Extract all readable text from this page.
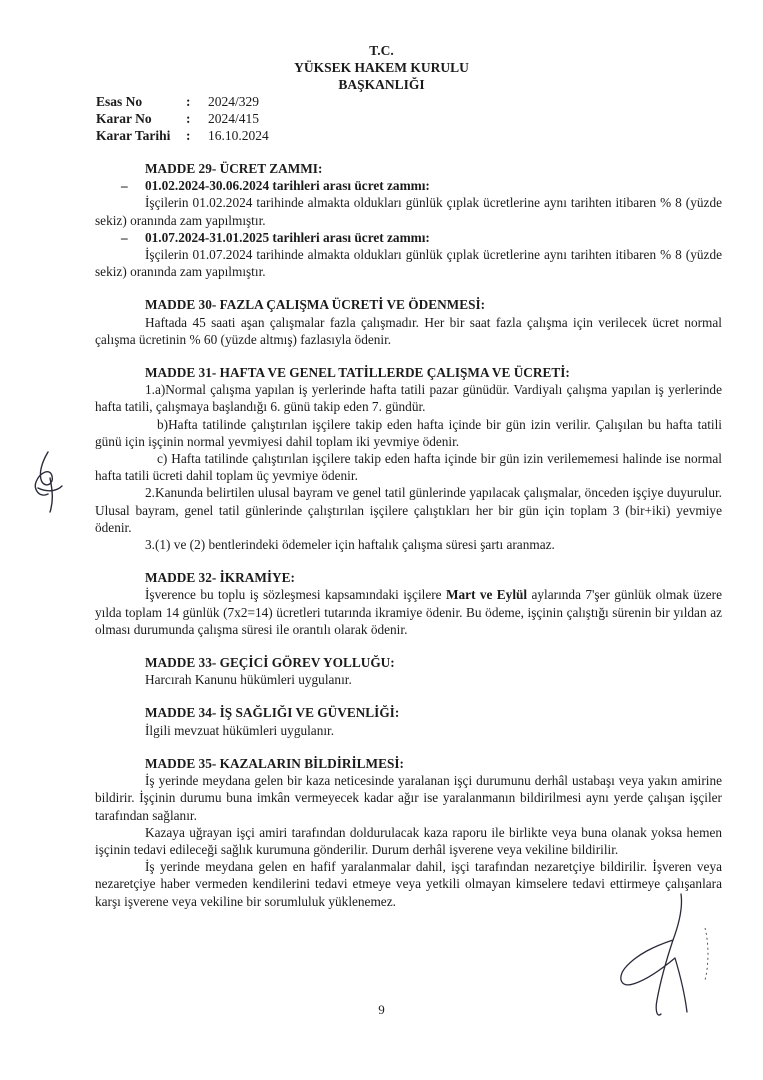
T.C.
YÜKSEK HAKEM KURULU
BAŞKANLIĞI
Esas No	:	2024/329
Karar No	:	2024/415
Karar Tarihi	:	16.10.2024
MADDE 29- ÜCRET ZAMMI:
–	01.02.2024-30.06.2024 tarihleri arası ücret zammı:

İşçilerin 01.02.2024 tarihinde almakta oldukları günlük çıplak ücretlerine aynı tarihten itibaren % 8 (yüzde sekiz) oranında zam yapılmıştır.

–	01.07.2024-31.01.2025 tarihleri arası ücret zammı:

İşçilerin 01.07.2024 tarihinde almakta oldukları günlük çıplak ücretlerine aynı tarihten itibaren % 8 (yüzde sekiz) oranında zam yapılmıştır.

MADDE 30- FAZLA ÇALIŞMA ÜCRETİ VE ÖDENMESİ:

Haftada 45 saati aşan çalışmalar fazla çalışmadır. Her bir saat fazla çalışma için verilecek ücret normal çalışma ücretinin % 60 (yüzde altmış) fazlasıyla ödenir.

MADDE 31- HAFTA VE GENEL TATİLLERDE ÇALIŞMA VE ÜCRETİ:

1.a)Normal çalışma yapılan iş yerlerinde hafta tatili pazar günüdür. Vardiyalı çalışma yapılan iş yerlerinde hafta tatili, çalışmaya başlandığı 6. günü takip eden 7. gündür.

b)Hafta tatilinde çalıştırılan işçilere takip eden hafta içinde bir gün izin verilir. Çalışılan bu hafta tatili günü için işçinin normal yevmiyesi dahil toplam iki yevmiye ödenir.

c) Hafta tatilinde çalıştırılan işçilere takip eden hafta içinde bir gün izin verilememesi halinde ise normal hafta tatili ücreti dahil toplam üç yevmiye ödenir.

2.Kanunda belirtilen ulusal bayram ve genel tatil günlerinde yapılacak çalışmalar, önceden işçiye duyurulur. Ulusal bayram, genel tatil günlerinde çalıştırılan işçilere çalıştıkları her bir gün için toplam 3 (bir+iki) yevmiye ödenir.

3.(1) ve (2) bentlerindeki ödemeler için haftalık çalışma süresi şartı aranmaz.

MADDE 32- İKRAMİYE:

İşverence bu toplu iş sözleşmesi kapsamındaki işçilere Mart ve Eylül aylarında 7'şer günlük olmak üzere yılda toplam 14 günlük (7x2=14) ücretleri tutarında ikramiye ödenir. Bu ödeme, işçinin çalıştığı sürenin bir yıldan az olması durumunda çalışma süresi ile orantılı olarak ödenir.

MADDE 33- GEÇİCİ GÖREV YOLLUĞU:

Harcırah Kanunu hükümleri uygulanır.

MADDE 34- İŞ SAĞLIĞI VE GÜVENLİĞİ:

İlgili mevzuat hükümleri uygulanır.

MADDE 35- KAZALARIN BİLDİRİLMESİ:

İş yerinde meydana gelen bir kaza neticesinde yaralanan işçi durumunu derhâl ustabaşı veya yakın amirine bildirir. İşçinin durumu buna imkân vermeyecek kadar ağır ise yaralanmanın bildirilmesi aynı yerde çalışan işçiler tarafından sağlanır.

Kazaya uğrayan işçi amiri tarafından doldurulacak kaza raporu ile birlikte veya buna olanak yoksa hemen işçinin tedavi edileceği sağlık kurumuna gönderilir. Durum derhâl işverene veya vekiline bildirilir.

İş yerinde meydana gelen en hafif yaralanmalar dahil, işçi tarafından nezaretçiye bildirilir. İşveren veya nezaretçiye haber vermeden kendilerini tedavi etmeye veya yetkili olmayan kimselere tedavi ettirmeye çalışanlara karşı işverene veya vekiline bir sorumluluk yüklenemez.

9
